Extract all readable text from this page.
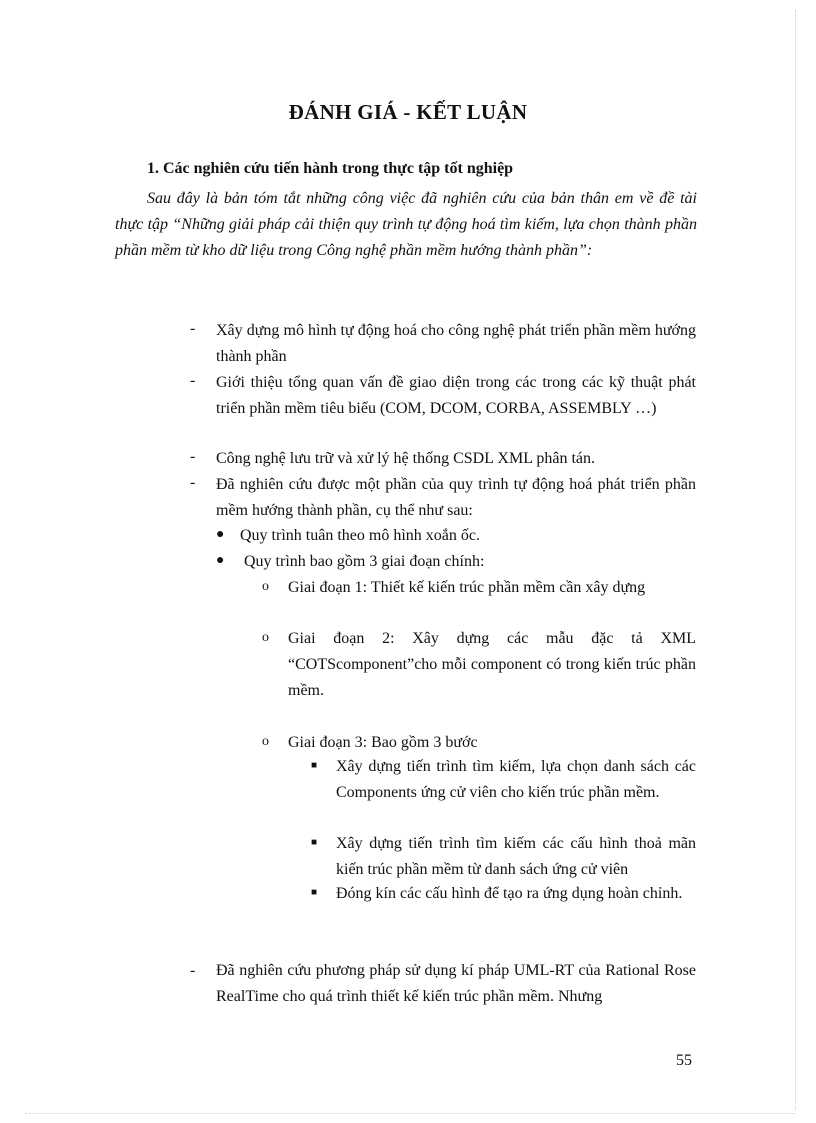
ĐÁNH GIÁ - KẾT LUẬN
1. Các nghiên cứu tiến hành trong thực tập tốt nghiệp
Sau đây là bản tóm tắt những công việc đã nghiên cứu của bản thân em về đề tài thực tập “Những giải pháp cải thiện quy trình tự động hoá tìm kiếm, lựa chọn thành phần phần mềm từ kho dữ liệu trong Công nghệ phần mềm hướng thành phần”:
- Xây dựng mô hình tự động hoá cho công nghệ phát triển phần mềm hướng thành phần
- Giới thiệu tổng quan vấn đề giao diện trong các trong các kỹ thuật phát triển phần mềm tiêu biểu (COM, DCOM, CORBA, ASSEMBLY …)
- Công nghệ lưu trữ và xử lý hệ thống CSDL XML phân tán.
- Đã nghiên cứu được một phần của quy trình tự động hoá phát triển phần mềm hướng thành phần, cụ thể như sau:
● Quy trình tuân theo mô hình xoắn ốc.
● Quy trình bao gồm 3 giai đoạn chính:
o Giai đoạn 1: Thiết kế kiến trúc phần mềm cần xây dựng
o Giai đoạn 2: Xây dựng các mẫu đặc tả XML “COTScomponent”cho mỗi component có trong kiến trúc phần mềm.
o Giai đoạn 3: Bao gồm 3 bước
■ Xây dựng tiến trình tìm kiếm, lựa chọn danh sách các Components ứng cử viên cho kiến trúc phần mềm.
■ Xây dựng tiến trình tìm kiếm các cấu hình thoả mãn kiến trúc phần mềm từ danh sách ứng cử viên
■ Đóng kín các cấu hình để tạo ra ứng dụng hoàn chỉnh.
- Đã nghiên cứu phương pháp sử dụng kí pháp UML-RT của Rational Rose RealTime cho quá trình thiết kế kiến trúc phần mềm. Nhưng
55
